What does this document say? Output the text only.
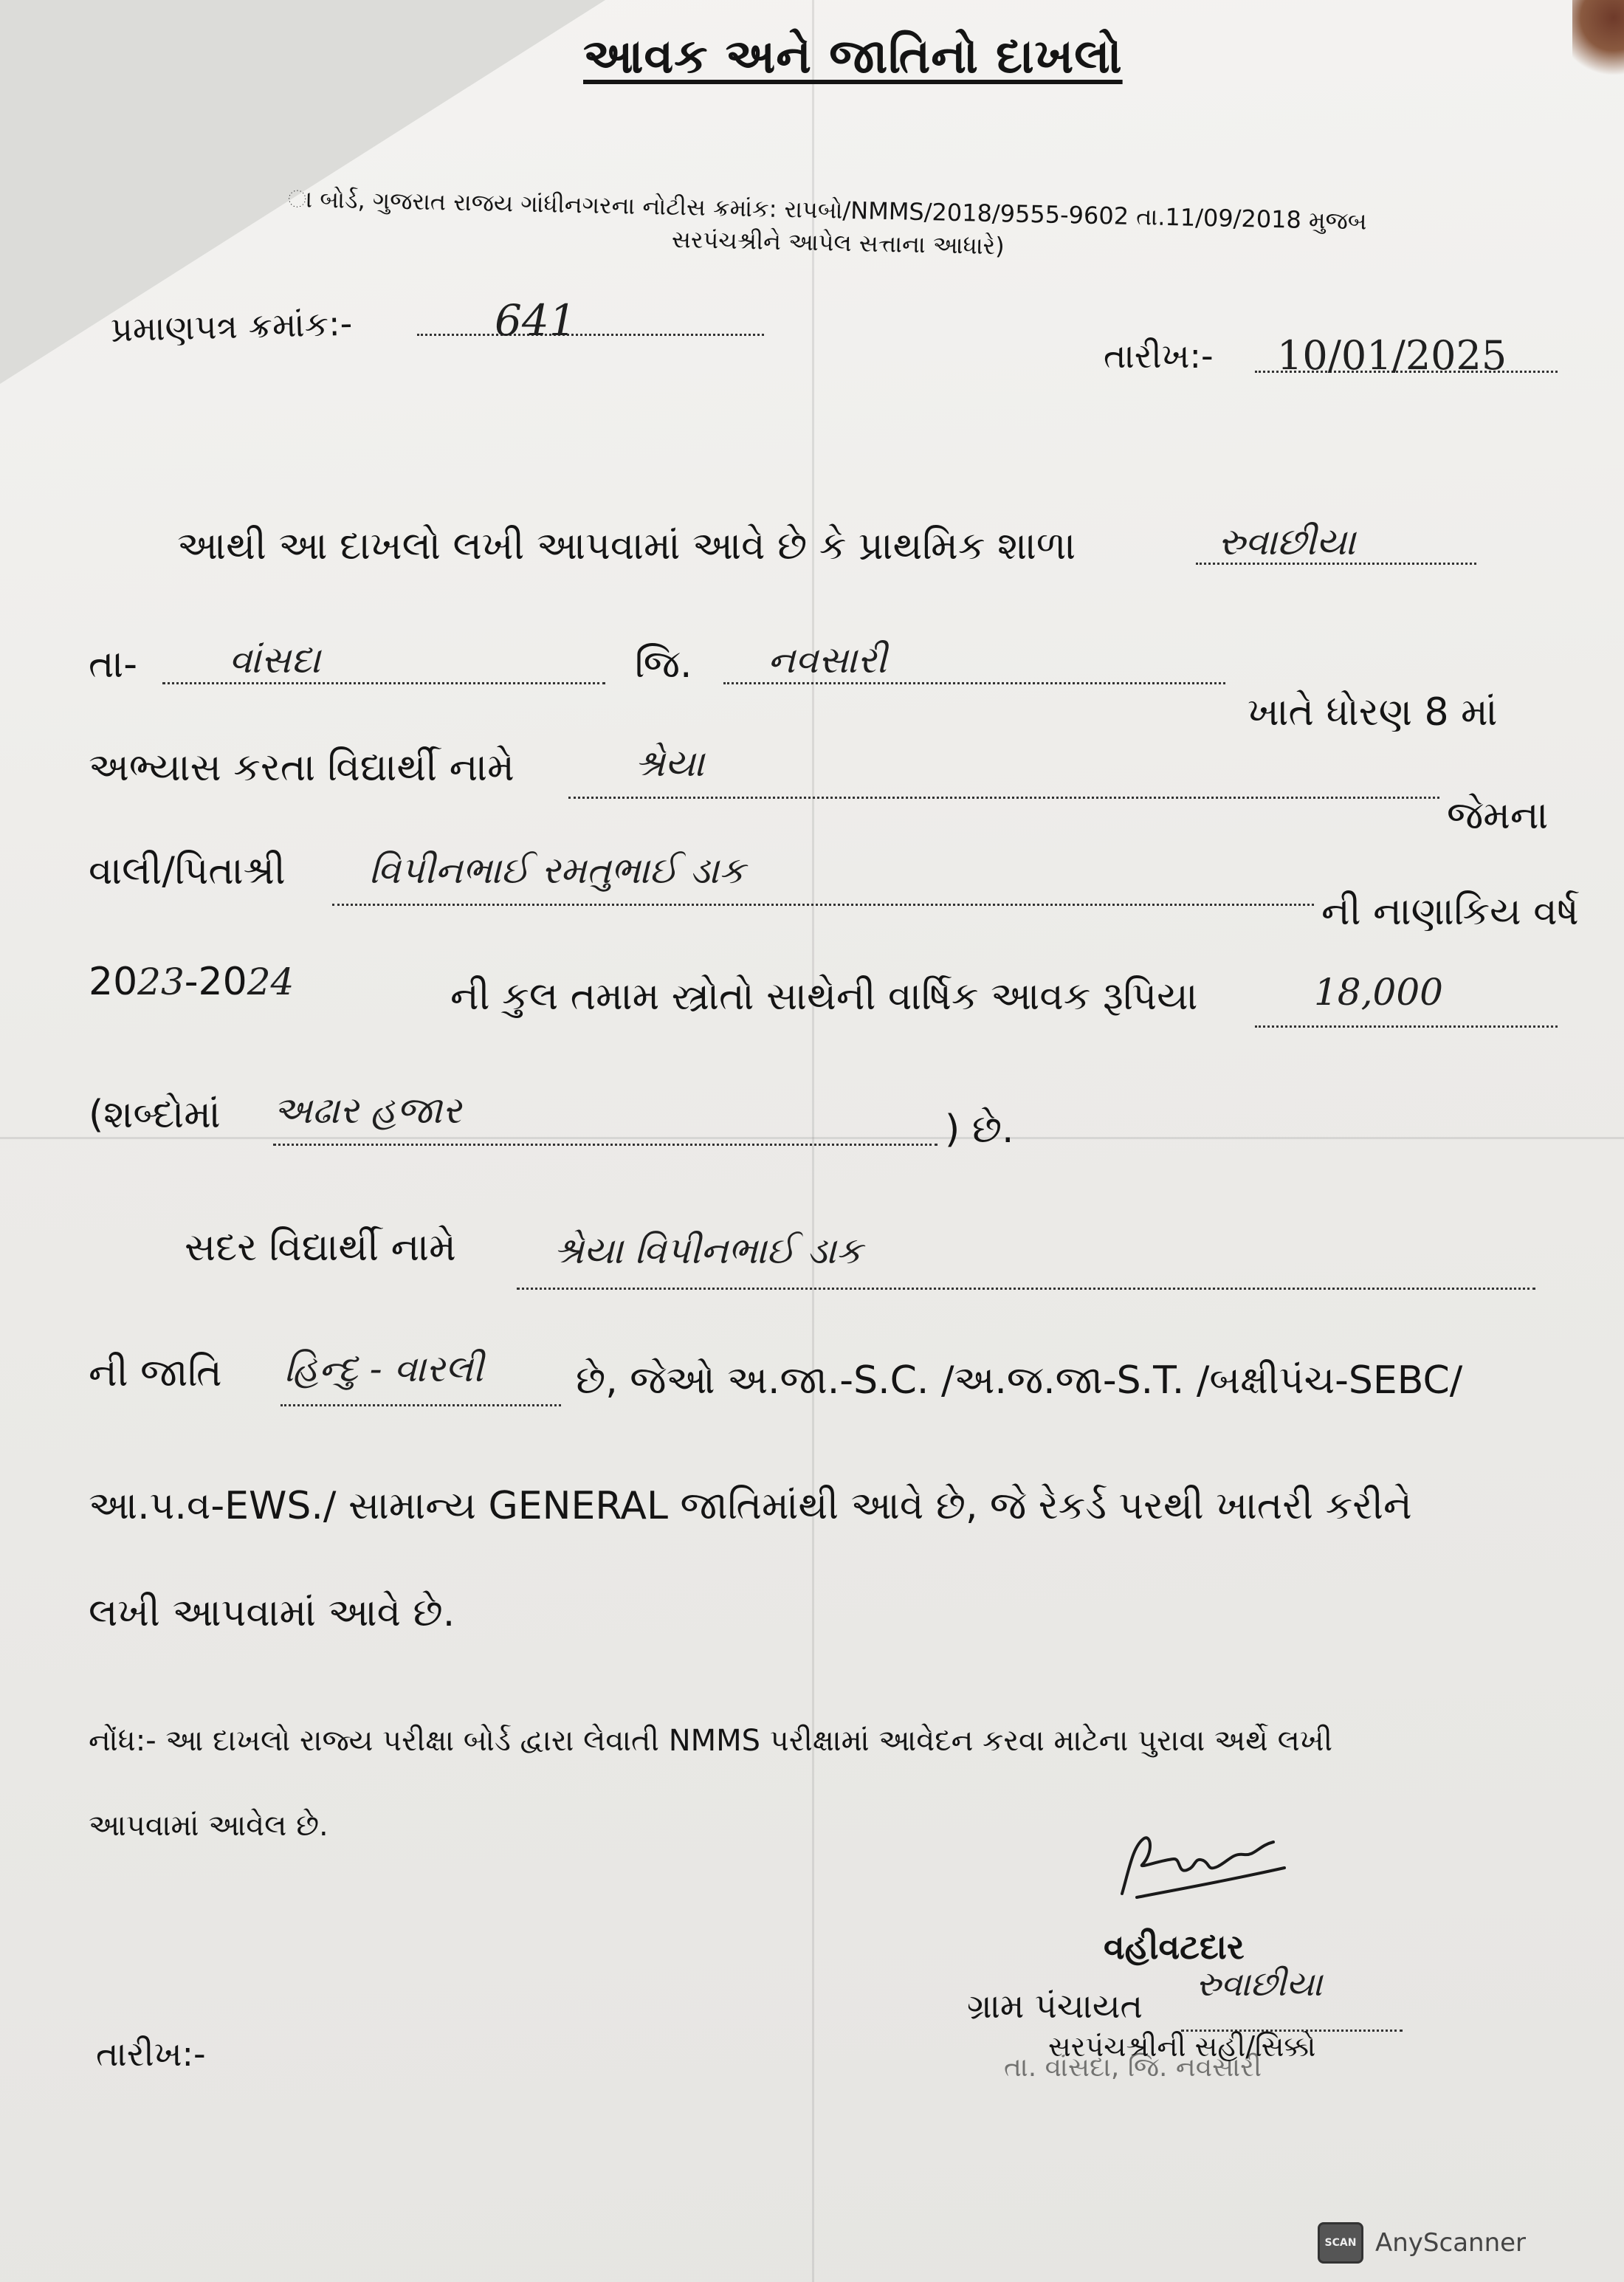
આવક અને જાતિનો દાખલો
ા બોર્ડ, ગુજરાત રાજય ગાંધીનગરના નોટીસ ક્રમાંક: રાપબો/NMMS/2018/9555-9602 તા.11/09/2018 મુજબ
સરપંચશ્રીને આપેલ સત્તાના આધારે)
પ્રમાણપત્ર ક્રમાંક:-	641
તારીખ:- 10/01/2025
આથી આ દાખલો લખી આપવામાં આવે છે કે પ્રાથમિક શાળા	રુવાછીયા
તા- વાંસદા	જિ. નવસારી
ખાતે ધોરણ 8 માં
અભ્યાસ કરતા વિદ્યાર્થી નામે	શ્રેયા
જેમના
વાલી/પિતાશ્રી વિપીનભાઈ રમતુભાઈ ડાક
ની નાણાકિય વર્ષ
2023-2024	ની કુલ તમામ સ્ત્રોતો સાથેની વાર્ષિક આવક રૂપિયા	18,000
(શબ્દોમાં અઢાર હજાર	) છે.
સદર વિદ્યાર્થી નામે	શ્રેયા વિપીનભાઈ ડાક
ની જાતિ હિન્દુ - વારલી છે, જેઓ અ.જા.-S.C. /અ.જ.જા-S.T. /બક્ષીપંચ-SEBC/
આ.પ.વ-EWS./ સામાન્ય GENERAL જાતિમાંથી આવે છે, જે રેકર્ડ પરથી ખાતરી કરીને
લખી આપવામાં આવે છે.
નોંધ:- આ દાખલો રાજ્ય પરીક્ષા બોર્ડ દ્વારા લેવાતી NMMS પરીક્ષામાં આવેદન કરવા માટેના પુરાવા અર્થે લખી
આપવામાં આવેલ છે.
વહીવટદાર
ગ્રામ પંચાયત
રુવાછીયા
સરપંચશ્રીની સહી/સિક્કો
તા. વાંસદા, જિ. નવસારી
તારીખ:-
SCAN AnyScanner
